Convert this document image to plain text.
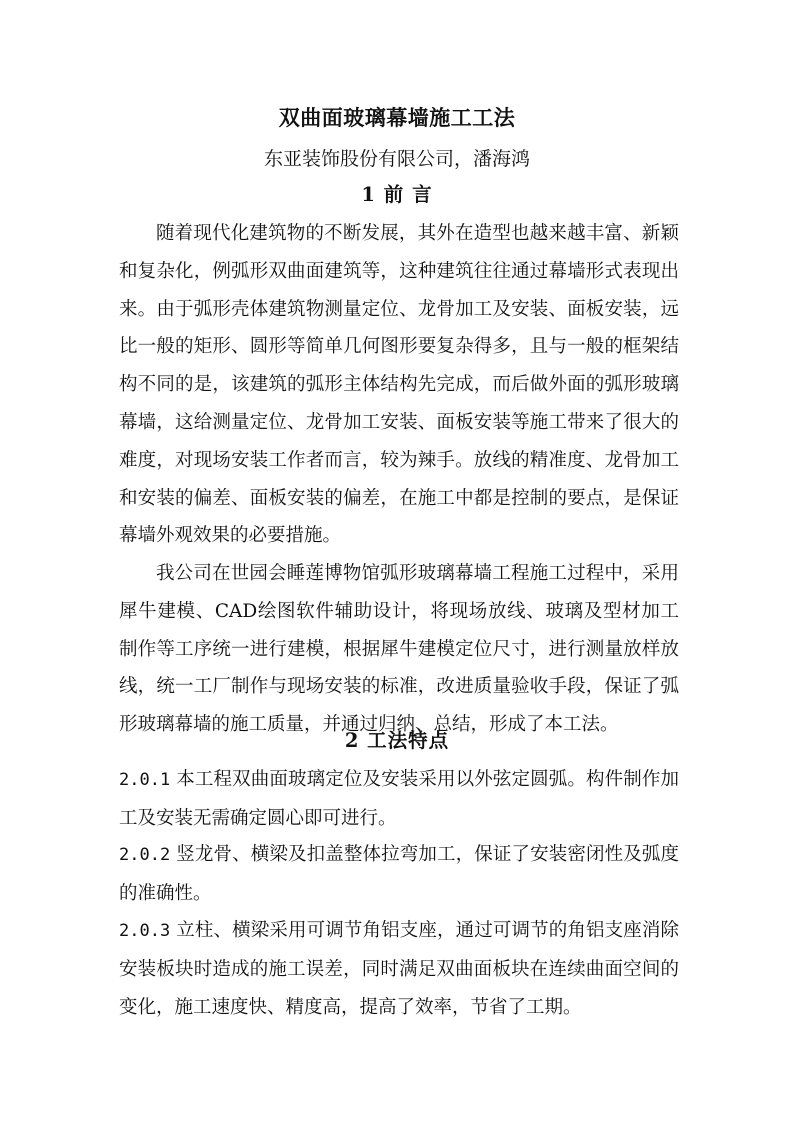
双曲面玻璃幕墙施工工法
东亚装饰股份有限公司，潘海鸿
1 前 言
随着现代化建筑物的不断发展，其外在造型也越来越丰富、新颖和复杂化，例弧形双曲面建筑等，这种建筑往往通过幕墙形式表现出来。由于弧形壳体建筑物测量定位、龙骨加工及安装、面板安装，远比一般的矩形、圆形等简单几何图形要复杂得多，且与一般的框架结构不同的是，该建筑的弧形主体结构先完成，而后做外面的弧形玻璃幕墙，这给测量定位、龙骨加工安装、面板安装等施工带来了很大的难度，对现场安装工作者而言，较为辣手。放线的精准度、龙骨加工和安装的偏差、面板安装的偏差，在施工中都是控制的要点，是保证幕墙外观效果的必要措施。
我公司在世园会睡莲博物馆弧形玻璃幕墙工程施工过程中，采用犀牛建模、CAD绘图软件辅助设计，将现场放线、玻璃及型材加工制作等工序统一进行建模，根据犀牛建模定位尺寸，进行测量放样放线，统一工厂制作与现场安装的标准，改进质量验收手段，保证了弧形玻璃幕墙的施工质量，并通过归纳、总结，形成了本工法。
2 工法特点
2.0.1 本工程双曲面玻璃定位及安装采用以外弦定圆弧。构件制作加工及安装无需确定圆心即可进行。
2.0.2 竖龙骨、横梁及扣盖整体拉弯加工，保证了安装密闭性及弧度的准确性。
2.0.3 立柱、横梁采用可调节角铝支座，通过可调节的角铝支座消除安装板块时造成的施工误差，同时满足双曲面板块在连续曲面空间的变化，施工速度快、精度高，提高了效率，节省了工期。
